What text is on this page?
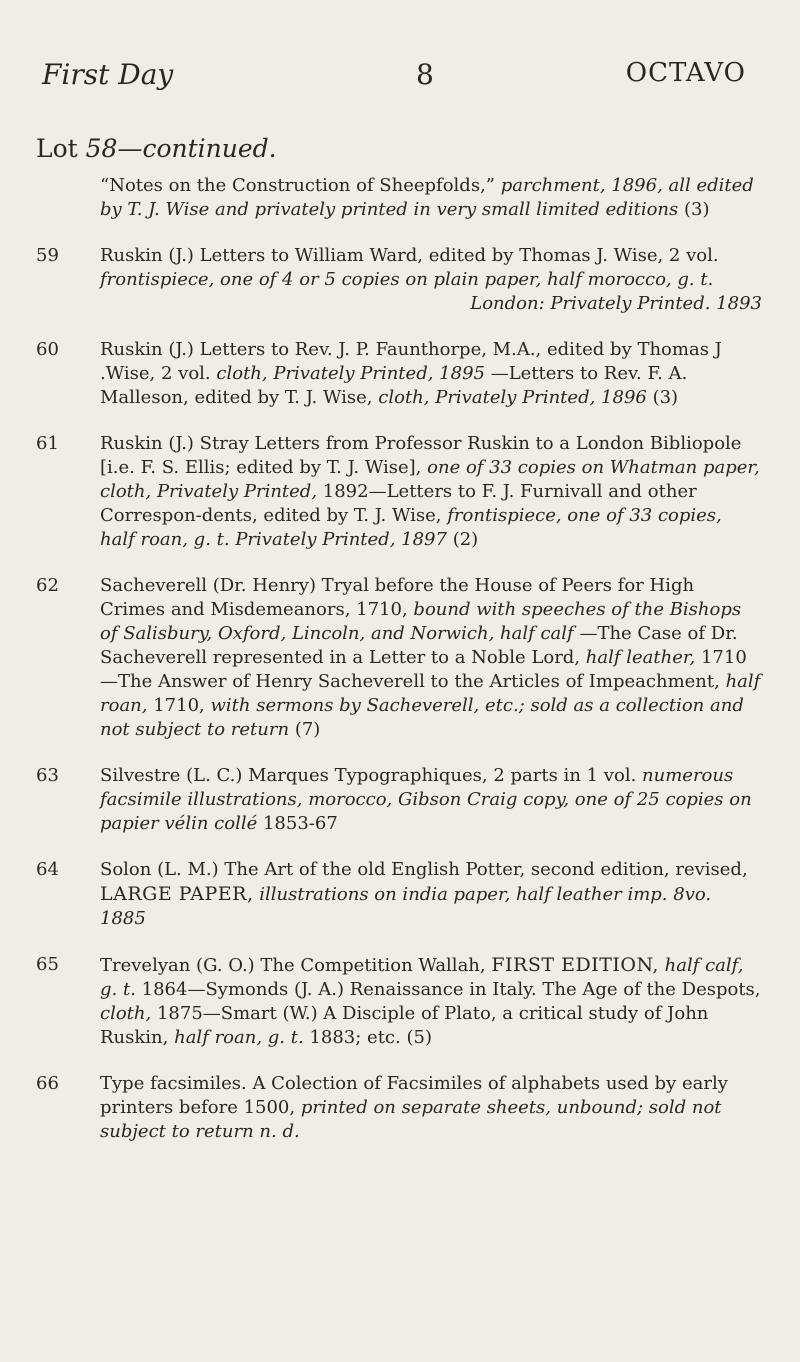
First Day	8	OCTAVO
Lot 58—continued.
“Notes on the Construction of Sheepfolds,” parchment, 1896, all edited by T. J. Wise and privately printed in very small limited editions (3)
59	Ruskin (J.) Letters to William Ward, edited by Thomas J. Wise, 2 vol. frontispiece, one of 4 or 5 copies on plain paper, half morocco, g. t.
London: Privately Printed. 1893
60	Ruskin (J.) Letters to Rev. J. P. Faunthorpe, M.A., edited by Thomas J .Wise, 2 vol. cloth, Privately Printed, 1895 —Letters to Rev. F. A. Malleson, edited by T. J. Wise, cloth, Privately Printed, 1896 (3)
61	Ruskin (J.) Stray Letters from Professor Ruskin to a London Bibliopole [i.e. F. S. Ellis; edited by T. J. Wise], one of 33 copies on Whatman paper, cloth, Privately Printed, 1892—Letters to F. J. Furnivall and other Correspon-dents, edited by T. J. Wise, frontispiece, one of 33 copies, half roan, g. t. Privately Printed, 1897 (2)
62	Sacheverell (Dr. Henry) Tryal before the House of Peers for High Crimes and Misdemeanors, 1710, bound with speeches of the Bishops of Salisbury, Oxford, Lincoln, and Norwich, half calf —The Case of Dr. Sacheverell represented in a Letter to a Noble Lord, half leather, 1710—The Answer of Henry Sacheverell to the Articles of Impeachment, half roan, 1710, with sermons by Sacheverell, etc.; sold as a collection and not subject to return (7)
63	Silvestre (L. C.) Marques Typographiques, 2 parts in 1 vol. numerous facsimile illustrations, morocco, Gibson Craig copy, one of 25 copies on papier vélin collé 1853-67
64	Solon (L. M.) The Art of the old English Potter, second edition, revised, LARGE PAPER, illustrations on india paper, half leather imp. 8vo. 1885
65	Trevelyan (G. O.) The Competition Wallah, FIRST EDITION, half calf, g. t. 1864—Symonds (J. A.) Renaissance in Italy. The Age of the Despots, cloth, 1875—Smart (W.) A Disciple of Plato, a critical study of John Ruskin, half roan, g. t. 1883; etc. (5)
66	Type facsimiles. A Colection of Facsimiles of alphabets used by early printers before 1500, printed on separate sheets, unbound; sold not subject to return n. d.
